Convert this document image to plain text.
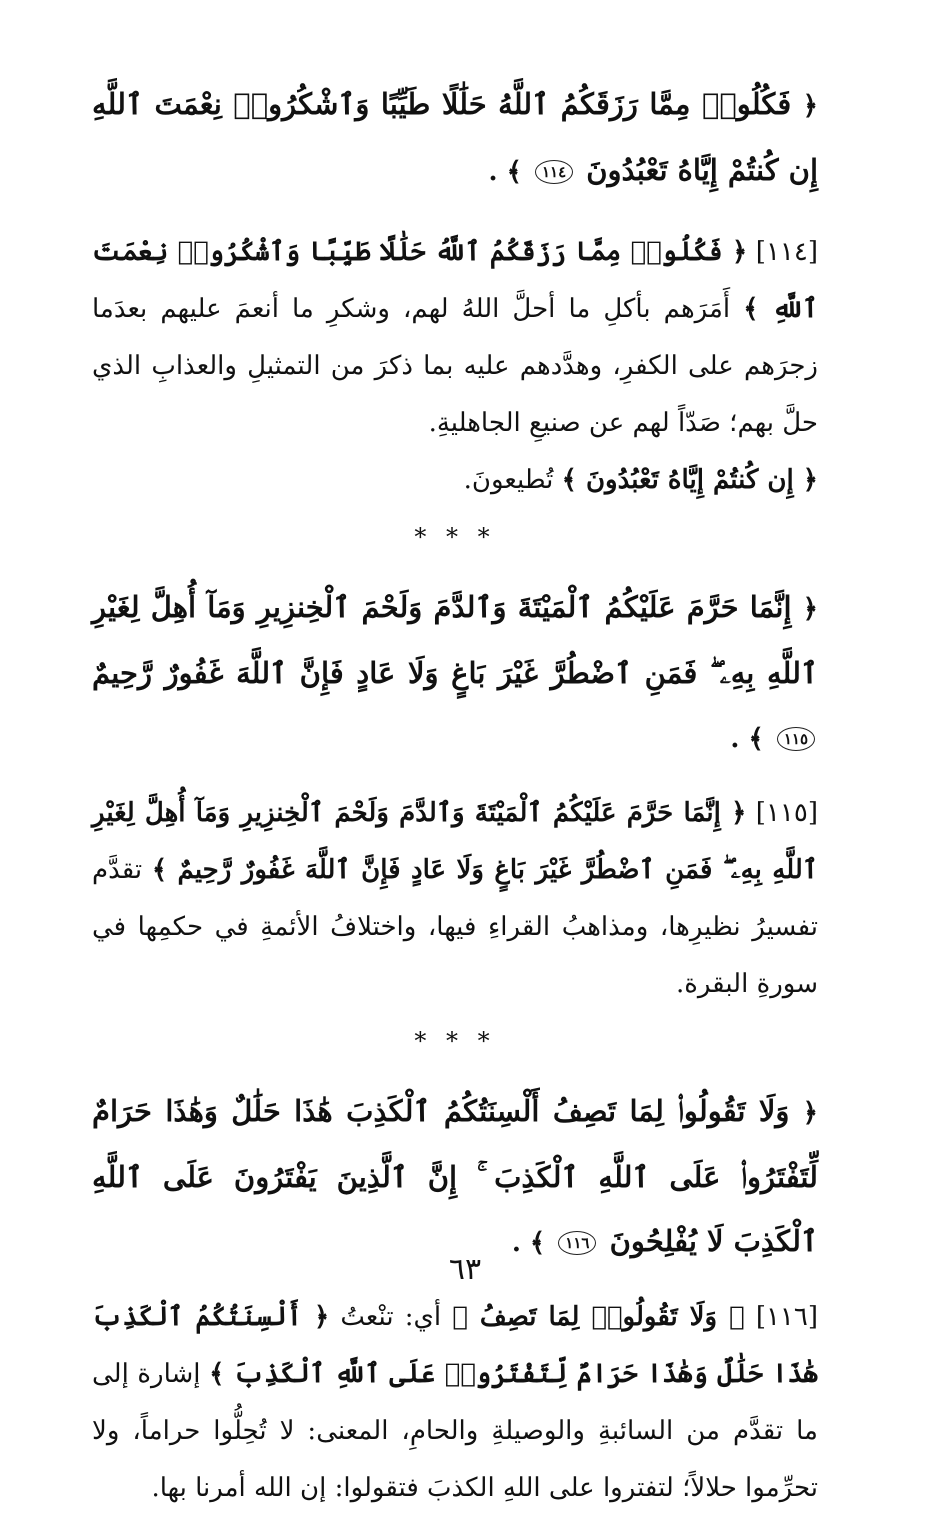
﴿ فَكُلُوا۟ مِمَّا رَزَقَكُمُ ٱللَّهُ حَلَٰلًا طَيِّبًا وَٱشْكُرُوا۟ نِعْمَتَ ٱللَّهِ إِن كُنتُمْ إِيَّاهُ تَعْبُدُونَ ١١٤ ﴾ .

[١١٤] ﴿ فَكُلُوا۟ مِمَّا رَزَقَكُمُ ٱللَّهُ حَلَٰلًا طَيِّبًا وَٱشْكُرُوا۟ نِعْمَتَ ٱللَّهِ ﴾ أَمَرَهم بأكلِ ما أحلَّ اللهُ لهم، وشكرِ ما أنعمَ عليهم بعدَما زجرَهم على الكفرِ، وهدَّدهم عليه بما ذكرَ من التمثيلِ والعذابِ الذي حلَّ بهم؛ صَدّاً لهم عن صنيعِ الجاهليةِ.

﴿ إِن كُنتُمْ إِيَّاهُ تَعْبُدُونَ ﴾ تُطيعونَ.

* * *

﴿ إِنَّمَا حَرَّمَ عَلَيْكُمُ ٱلْمَيْتَةَ وَٱلدَّمَ وَلَحْمَ ٱلْخِنزِيرِ وَمَآ أُهِلَّ لِغَيْرِ ٱللَّهِ بِهِۦ ۖ فَمَنِ ٱضْطُرَّ غَيْرَ بَاغٍ وَلَا عَادٍ فَإِنَّ ٱللَّهَ غَفُورٌ رَّحِيمٌ ١١٥ ﴾ .

[١١٥] ﴿ إِنَّمَا حَرَّمَ عَلَيْكُمُ ٱلْمَيْتَةَ وَٱلدَّمَ وَلَحْمَ ٱلْخِنزِيرِ وَمَآ أُهِلَّ لِغَيْرِ ٱللَّهِ بِهِۦ ۖ فَمَنِ ٱضْطُرَّ غَيْرَ بَاغٍ وَلَا عَادٍ فَإِنَّ ٱللَّهَ غَفُورٌ رَّحِيمٌ ﴾ تقدَّم تفسيرُ نظيرِها، ومذاهبُ القراءِ فيها، واختلافُ الأئمةِ في حكمِها في سورةِ البقرة.

* * *

﴿ وَلَا تَقُولُوا۟ لِمَا تَصِفُ أَلْسِنَتُكُمُ ٱلْكَذِبَ هَٰذَا حَلَٰلٌ وَهَٰذَا حَرَامٌ لِّتَفْتَرُوا۟ عَلَى ٱللَّهِ ٱلْكَذِبَ ۚ إِنَّ ٱلَّذِينَ يَفْتَرُونَ عَلَى ٱللَّهِ ٱلْكَذِبَ لَا يُفْلِحُونَ ١١٦ ﴾ .

[١١٦] ﴿ وَلَا تَقُولُوا۟ لِمَا تَصِفُ ﴾ أي: تنْعتُ ﴿ أَلْسِنَتُكُمُ ٱلْكَذِبَ هَٰذَا حَلَٰلٌ وَهَٰذَا حَرَامٌ لِّتَفْتَرُوا۟ عَلَى ٱللَّهِ ٱلْكَذِبَ ﴾ إشارة إلى ما تقدَّم من السائبةِ والوصيلةِ والحامِ، المعنى: لا تُحِلُّوا حراماً، ولا تحرِّموا حلالاً؛ لتفتروا على اللهِ الكذبَ فتقولوا: إن الله أمرنا بها.

٦٣
